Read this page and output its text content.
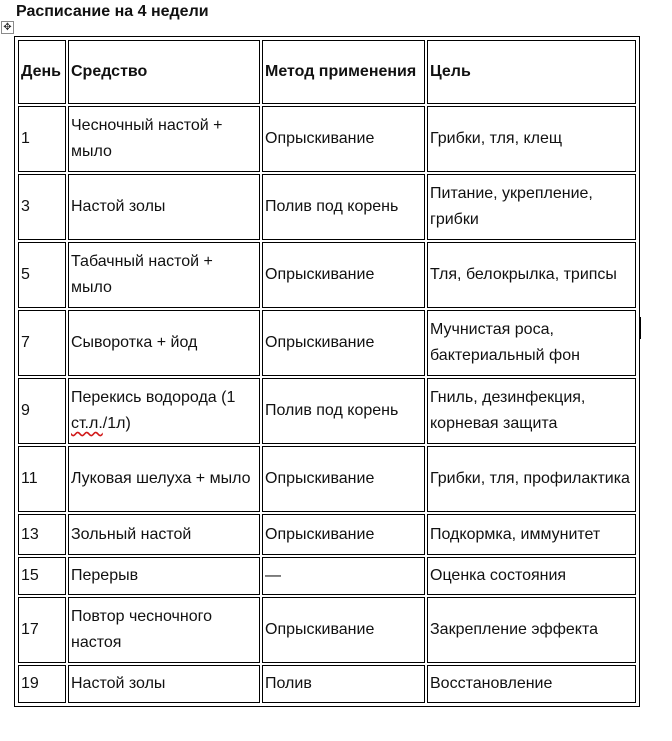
Расписание на 4 недели
✥
День	Средство	Метод применения	Цель
1	Чесночный настой + мыло	Опрыскивание	Грибки, тля, клещ
3	Настой золы	Полив под корень	Питание, укрепление, грибки
5	Табачный настой + мыло	Опрыскивание	Тля, белокрылка, трипсы
7	Сыворотка + йод	Опрыскивание	Мучнистая роса, бактериальный фон
9	Перекись водорода (1 ст.л./1л)	Полив под корень	Гниль, дезинфекция, корневая защита
11	Луковая шелуха + мыло	Опрыскивание	Грибки, тля, профилактика
13	Зольный настой	Опрыскивание	Подкормка, иммунитет
15	Перерыв	—	Оценка состояния
17	Повтор чесночного настоя	Опрыскивание	Закрепление эффекта
19	Настой золы	Полив	Восстановление
